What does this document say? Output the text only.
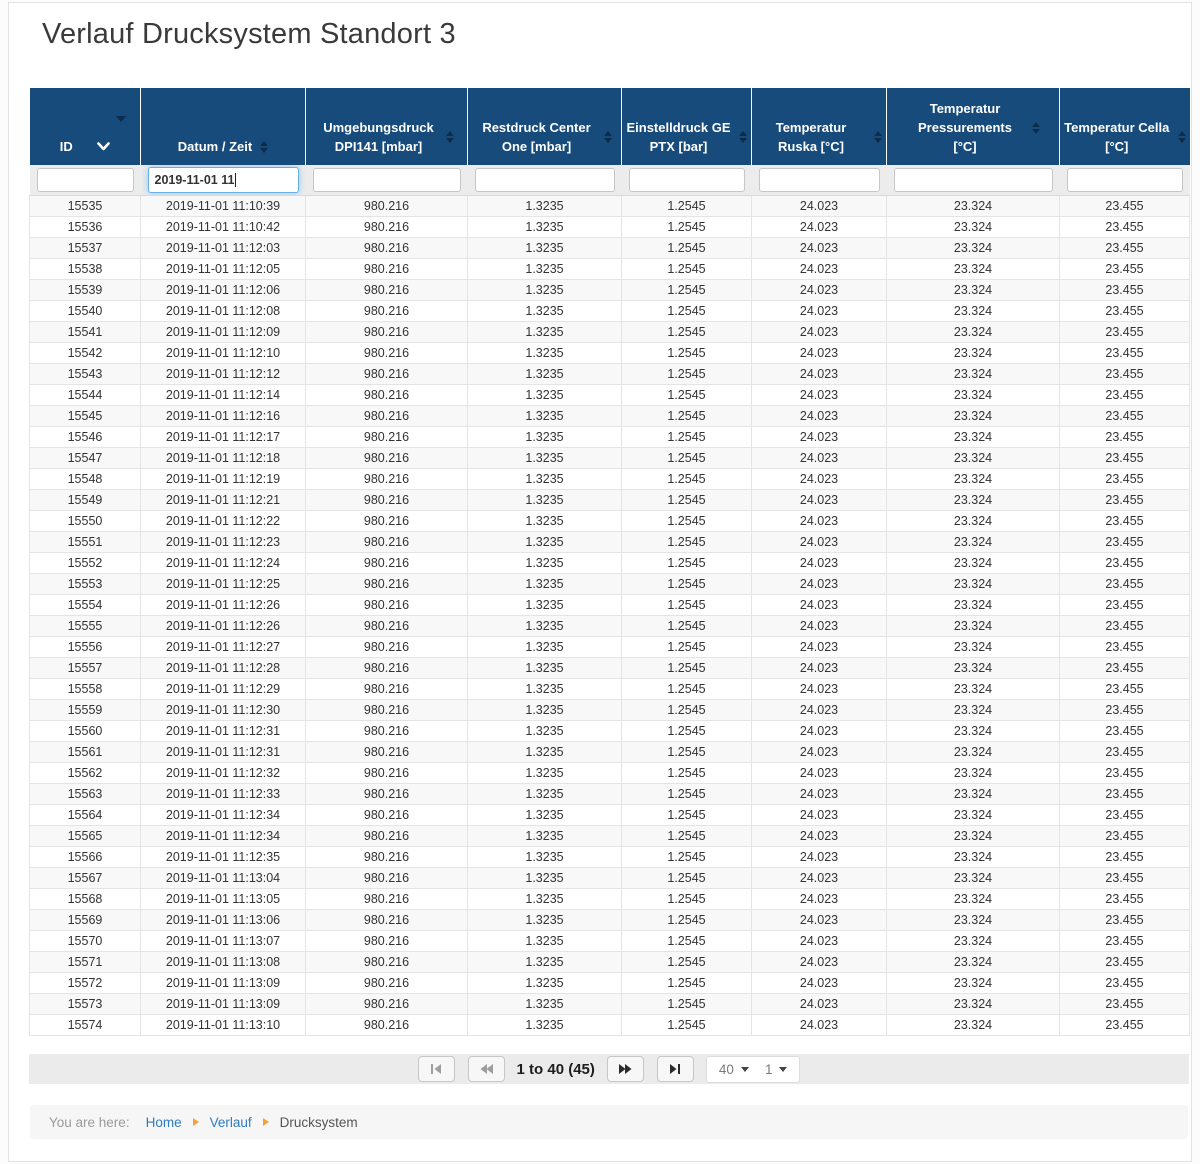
Verlauf Drucksystem Standort 3
ID	Datum / Zeit	Umgebungsdruck DPI141 [mbar]	Restdruck Center One [mbar]	Einstelldruck GE PTX [bar]	Temperatur Ruska [°C]	Temperatur Pressurements [°C]	Temperatur Cella [°C]

2019-11-01 11

15535	2019-11-01 11:10:39	980.216	1.3235	1.2545	24.023	23.324	23.455
15536	2019-11-01 11:10:42	980.216	1.3235	1.2545	24.023	23.324	23.455
15537	2019-11-01 11:12:03	980.216	1.3235	1.2545	24.023	23.324	23.455
15538	2019-11-01 11:12:05	980.216	1.3235	1.2545	24.023	23.324	23.455
15539	2019-11-01 11:12:06	980.216	1.3235	1.2545	24.023	23.324	23.455
15540	2019-11-01 11:12:08	980.216	1.3235	1.2545	24.023	23.324	23.455
15541	2019-11-01 11:12:09	980.216	1.3235	1.2545	24.023	23.324	23.455
15542	2019-11-01 11:12:10	980.216	1.3235	1.2545	24.023	23.324	23.455
15543	2019-11-01 11:12:12	980.216	1.3235	1.2545	24.023	23.324	23.455
15544	2019-11-01 11:12:14	980.216	1.3235	1.2545	24.023	23.324	23.455
15545	2019-11-01 11:12:16	980.216	1.3235	1.2545	24.023	23.324	23.455
15546	2019-11-01 11:12:17	980.216	1.3235	1.2545	24.023	23.324	23.455
15547	2019-11-01 11:12:18	980.216	1.3235	1.2545	24.023	23.324	23.455
15548	2019-11-01 11:12:19	980.216	1.3235	1.2545	24.023	23.324	23.455
15549	2019-11-01 11:12:21	980.216	1.3235	1.2545	24.023	23.324	23.455
15550	2019-11-01 11:12:22	980.216	1.3235	1.2545	24.023	23.324	23.455
15551	2019-11-01 11:12:23	980.216	1.3235	1.2545	24.023	23.324	23.455
15552	2019-11-01 11:12:24	980.216	1.3235	1.2545	24.023	23.324	23.455
15553	2019-11-01 11:12:25	980.216	1.3235	1.2545	24.023	23.324	23.455
15554	2019-11-01 11:12:26	980.216	1.3235	1.2545	24.023	23.324	23.455
15555	2019-11-01 11:12:26	980.216	1.3235	1.2545	24.023	23.324	23.455
15556	2019-11-01 11:12:27	980.216	1.3235	1.2545	24.023	23.324	23.455
15557	2019-11-01 11:12:28	980.216	1.3235	1.2545	24.023	23.324	23.455
15558	2019-11-01 11:12:29	980.216	1.3235	1.2545	24.023	23.324	23.455
15559	2019-11-01 11:12:30	980.216	1.3235	1.2545	24.023	23.324	23.455
15560	2019-11-01 11:12:31	980.216	1.3235	1.2545	24.023	23.324	23.455
15561	2019-11-01 11:12:31	980.216	1.3235	1.2545	24.023	23.324	23.455
15562	2019-11-01 11:12:32	980.216	1.3235	1.2545	24.023	23.324	23.455
15563	2019-11-01 11:12:33	980.216	1.3235	1.2545	24.023	23.324	23.455
15564	2019-11-01 11:12:34	980.216	1.3235	1.2545	24.023	23.324	23.455
15565	2019-11-01 11:12:34	980.216	1.3235	1.2545	24.023	23.324	23.455
15566	2019-11-01 11:12:35	980.216	1.3235	1.2545	24.023	23.324	23.455
15567	2019-11-01 11:13:04	980.216	1.3235	1.2545	24.023	23.324	23.455
15568	2019-11-01 11:13:05	980.216	1.3235	1.2545	24.023	23.324	23.455
15569	2019-11-01 11:13:06	980.216	1.3235	1.2545	24.023	23.324	23.455
15570	2019-11-01 11:13:07	980.216	1.3235	1.2545	24.023	23.324	23.455
15571	2019-11-01 11:13:08	980.216	1.3235	1.2545	24.023	23.324	23.455
15572	2019-11-01 11:13:09	980.216	1.3235	1.2545	24.023	23.324	23.455
15573	2019-11-01 11:13:09	980.216	1.3235	1.2545	24.023	23.324	23.455
15574	2019-11-01 11:13:10	980.216	1.3235	1.2545	24.023	23.324	23.455
1 to 40 (45)	40 1
You are here: Home Verlauf Drucksystem
